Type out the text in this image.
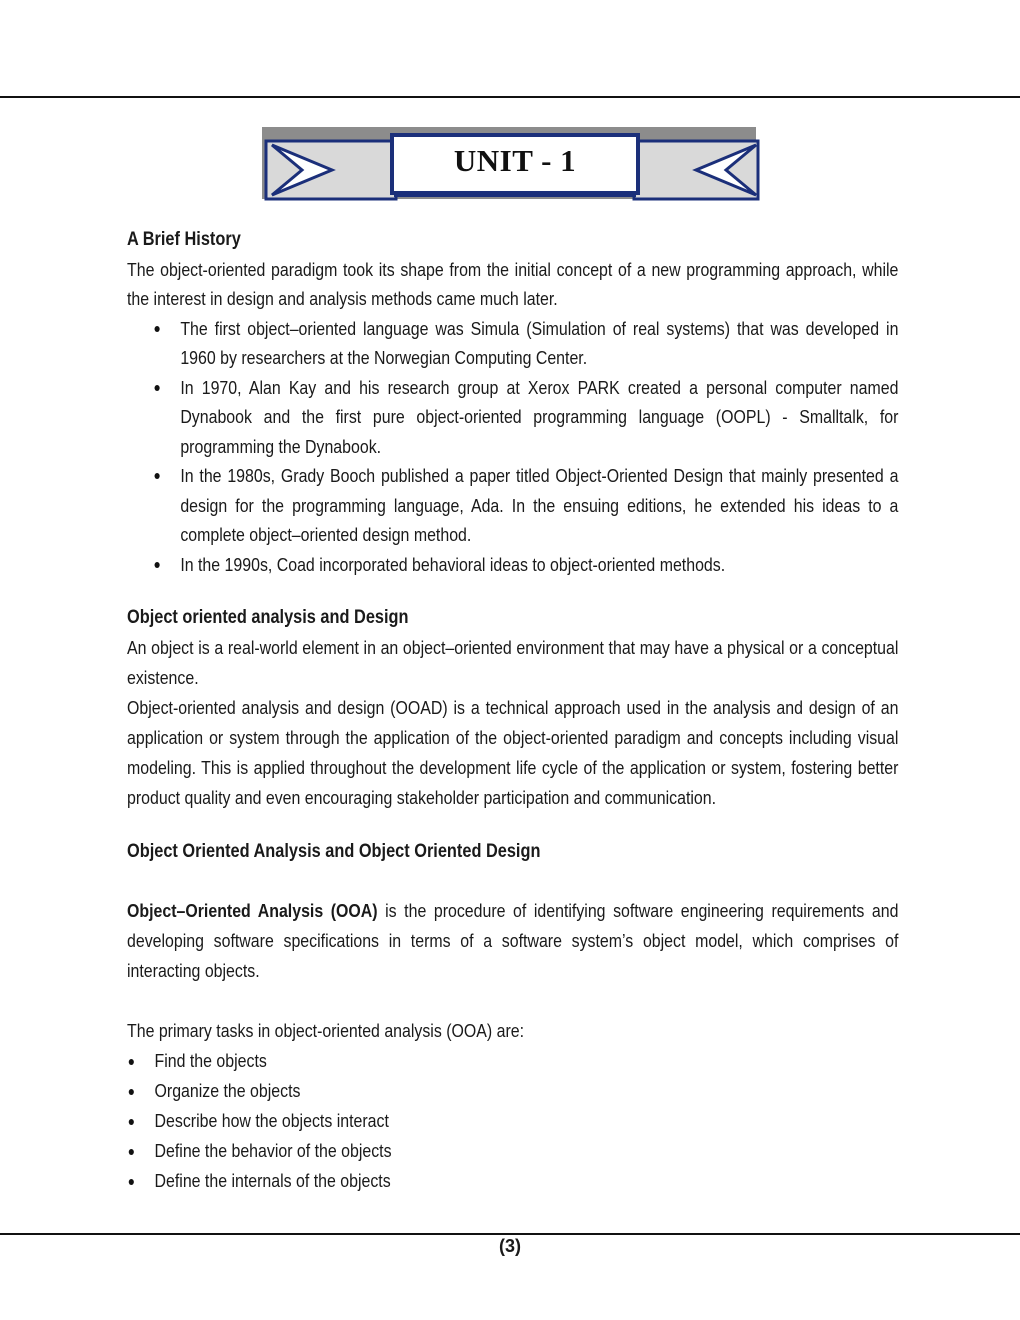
UNIT - 1
A Brief History

The object-oriented paradigm took its shape from the initial concept of a new programming approach, while the interest in design and analysis methods came much later.

The first object–oriented language was Simula (Simulation of real systems) that was developed in 1960 by researchers at the Norwegian Computing Center.
In 1970, Alan Kay and his research group at Xerox PARK created a personal computer named Dynabook and the first pure object-oriented programming language (OOPL) - Smalltalk, for programming the Dynabook.
In the 1980s, Grady Booch published a paper titled Object-Oriented Design that mainly presented a design for the programming language, Ada. In the ensuing editions, he extended his ideas to a complete object–oriented design method.
In the 1990s, Coad incorporated behavioral ideas to object-oriented methods.
Object oriented analysis and Design

An object is a real-world element in an object–oriented environment that may have a physical or a conceptual existence.

Object-oriented analysis and design (OOAD) is a technical approach used in the analysis and design of an application or system through the application of the object-oriented paradigm and concepts including visual modeling. This is applied throughout the development life cycle of the application or system, fostering better product quality and even encouraging stakeholder participation and communication.

Object Oriented Analysis and Object Oriented Design

Object–Oriented Analysis (OOA) is the procedure of identifying software engineering requirements and developing software specifications in terms of a software system’s object model, which comprises of interacting objects.

The primary tasks in object-oriented analysis (OOA) are:

Find the objects
Organize the objects
Describe how the objects interact
Define the behavior of the objects
Define the internals of the objects
(3)
